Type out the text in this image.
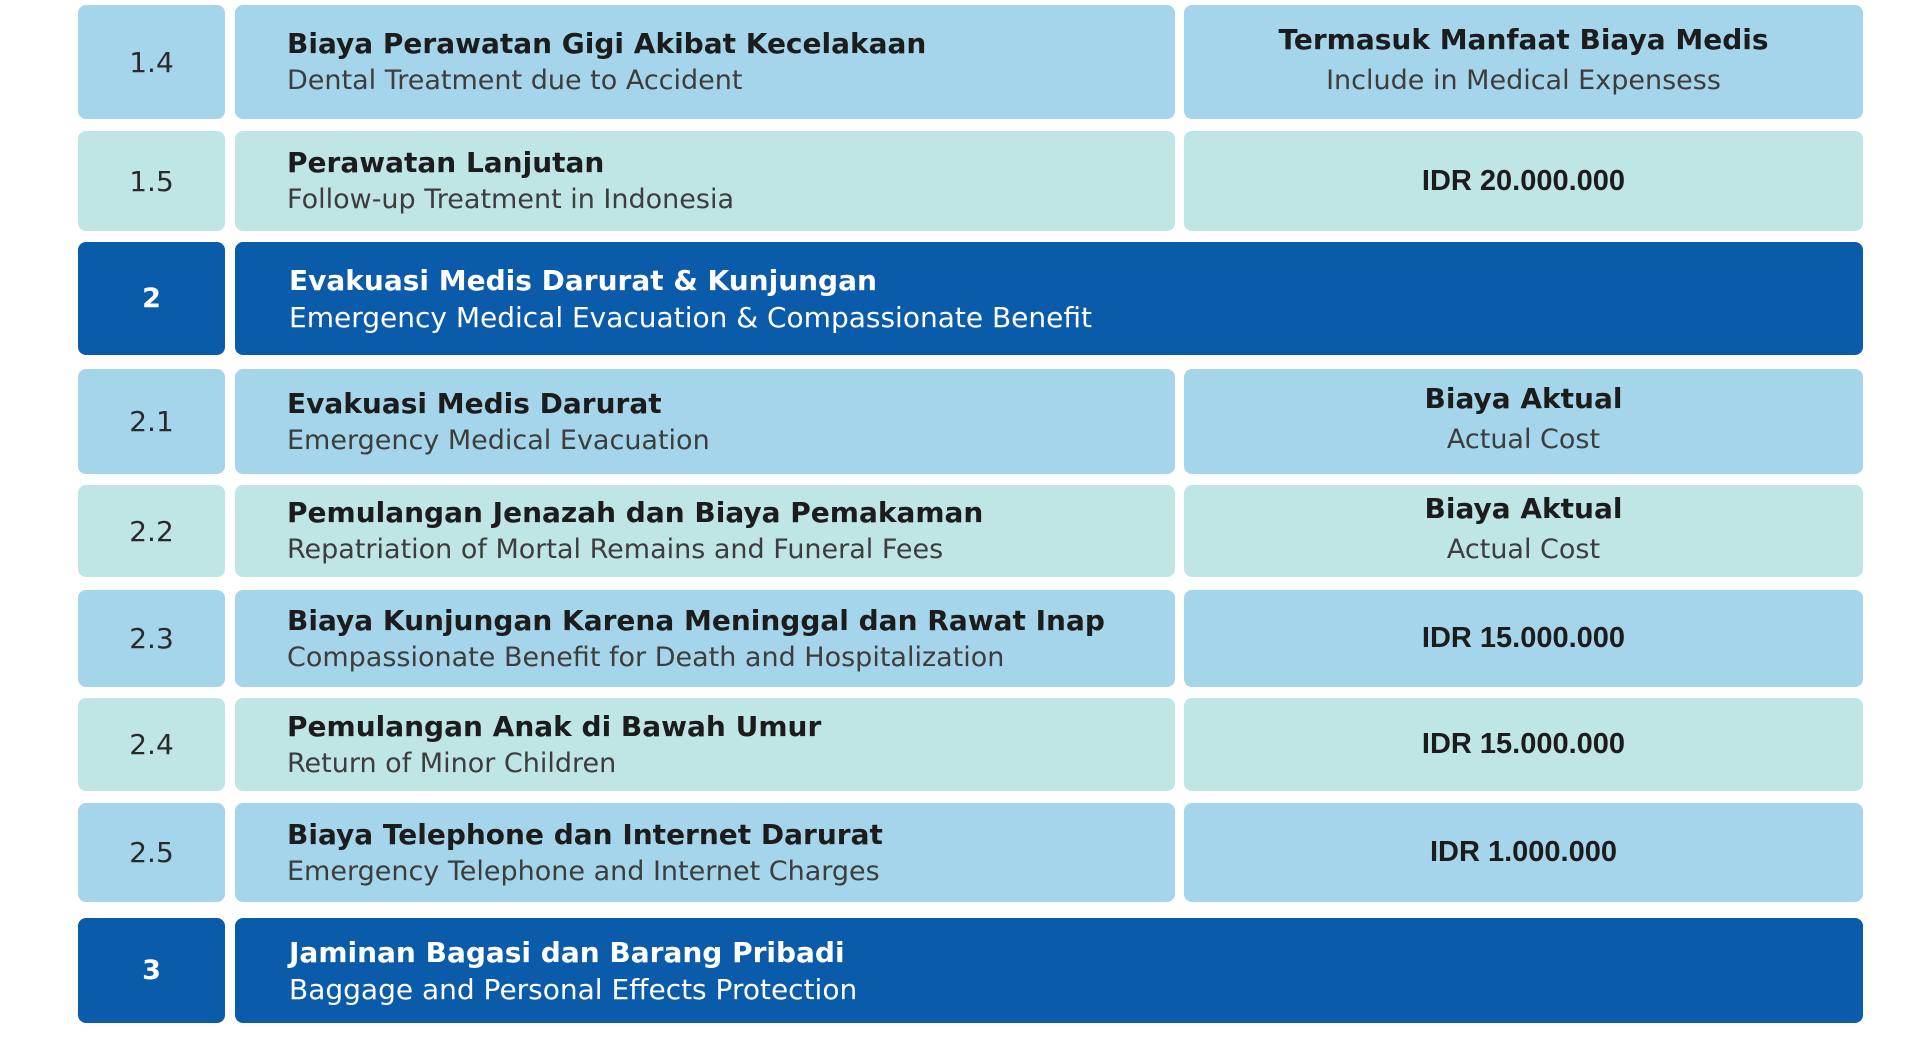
1.4
Biaya Perawatan Gigi Akibat Kecelakaan
Dental Treatment due to Accident
Termasuk Manfaat Biaya Medis
Include in Medical Expensess
1.5
Perawatan Lanjutan
Follow-up Treatment in Indonesia
IDR 20.000.000
2
Evakuasi Medis Darurat & Kunjungan
Emergency Medical Evacuation & Compassionate Benefit
2.1
Evakuasi Medis Darurat
Emergency Medical Evacuation
Biaya Aktual
Actual Cost
2.2
Pemulangan Jenazah dan Biaya Pemakaman
Repatriation of Mortal Remains and Funeral Fees
Biaya Aktual
Actual Cost
2.3
Biaya Kunjungan Karena Meninggal dan Rawat Inap
Compassionate Benefit for Death and Hospitalization
IDR 15.000.000
2.4
Pemulangan Anak di Bawah Umur
Return of Minor Children
IDR 15.000.000
2.5
Biaya Telephone dan Internet Darurat
Emergency Telephone and Internet Charges
IDR 1.000.000
3
Jaminan Bagasi dan Barang Pribadi
Baggage and Personal Effects Protection
